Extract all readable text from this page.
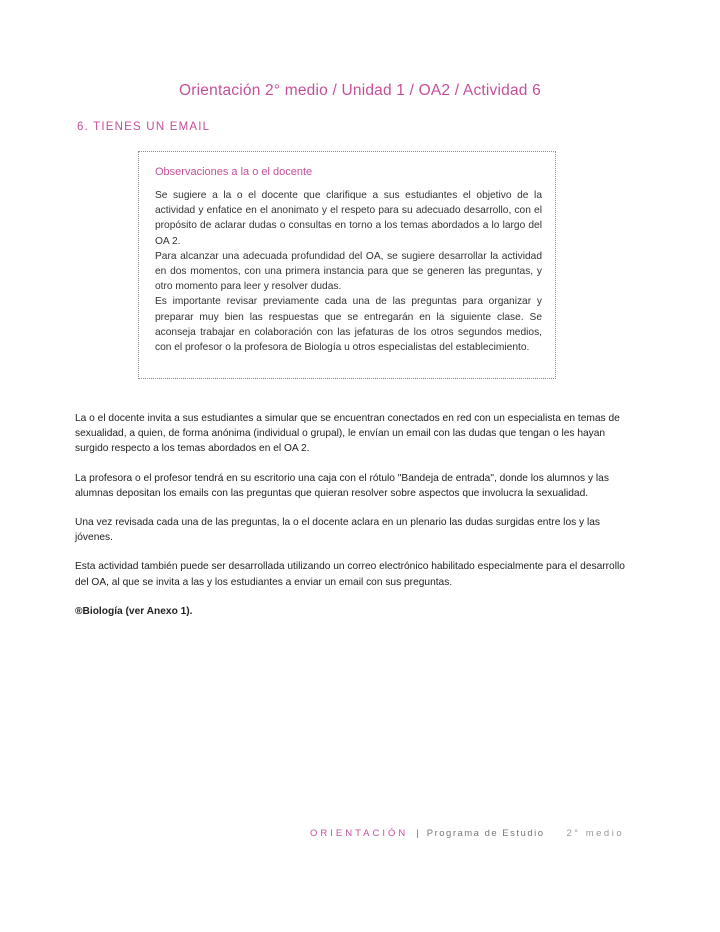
Orientación 2° medio / Unidad 1 / OA2 / Actividad 6
6. TIENES UN EMAIL
Observaciones a la o el docente

Se sugiere a la o el docente que clarifique a sus estudiantes el objetivo de la actividad y enfatice en el anonimato y el respeto para su adecuado desarrollo, con el propósito de aclarar dudas o consultas en torno a los temas abordados a lo largo del OA 2.

Para alcanzar una adecuada profundidad del OA, se sugiere desarrollar la actividad en dos momentos, con una primera instancia para que se generen las preguntas, y otro momento para leer y resolver dudas.

Es importante revisar previamente cada una de las preguntas para organizar y preparar muy bien las respuestas que se entregarán en la siguiente clase. Se aconseja trabajar en colaboración con las jefaturas de los otros segundos medios, con el profesor o la profesora de Biología u otros especialistas del establecimiento.

La o el docente invita a sus estudiantes a simular que se encuentran conectados en red con un especialista en temas de sexualidad, a quien, de forma anónima (individual o grupal), le envían un email con las dudas que tengan o les hayan surgido respecto a los temas abordados en el OA 2.

La profesora o el profesor tendrá en su escritorio una caja con el rótulo "Bandeja de entrada", donde los alumnos y las alumnas depositan los emails con las preguntas que quieran resolver sobre aspectos que involucra la sexualidad.

Una vez revisada cada una de las preguntas, la o el docente aclara en un plenario las dudas surgidas entre los y las jóvenes.

Esta actividad también puede ser desarrollada utilizando un correo electrónico habilitado especialmente para el desarrollo del OA, al que se invita a las y los estudiantes a enviar un email con sus preguntas.

®Biología (ver Anexo 1).

ORIENTACIÓN | Programa de Estudio 2° medio
